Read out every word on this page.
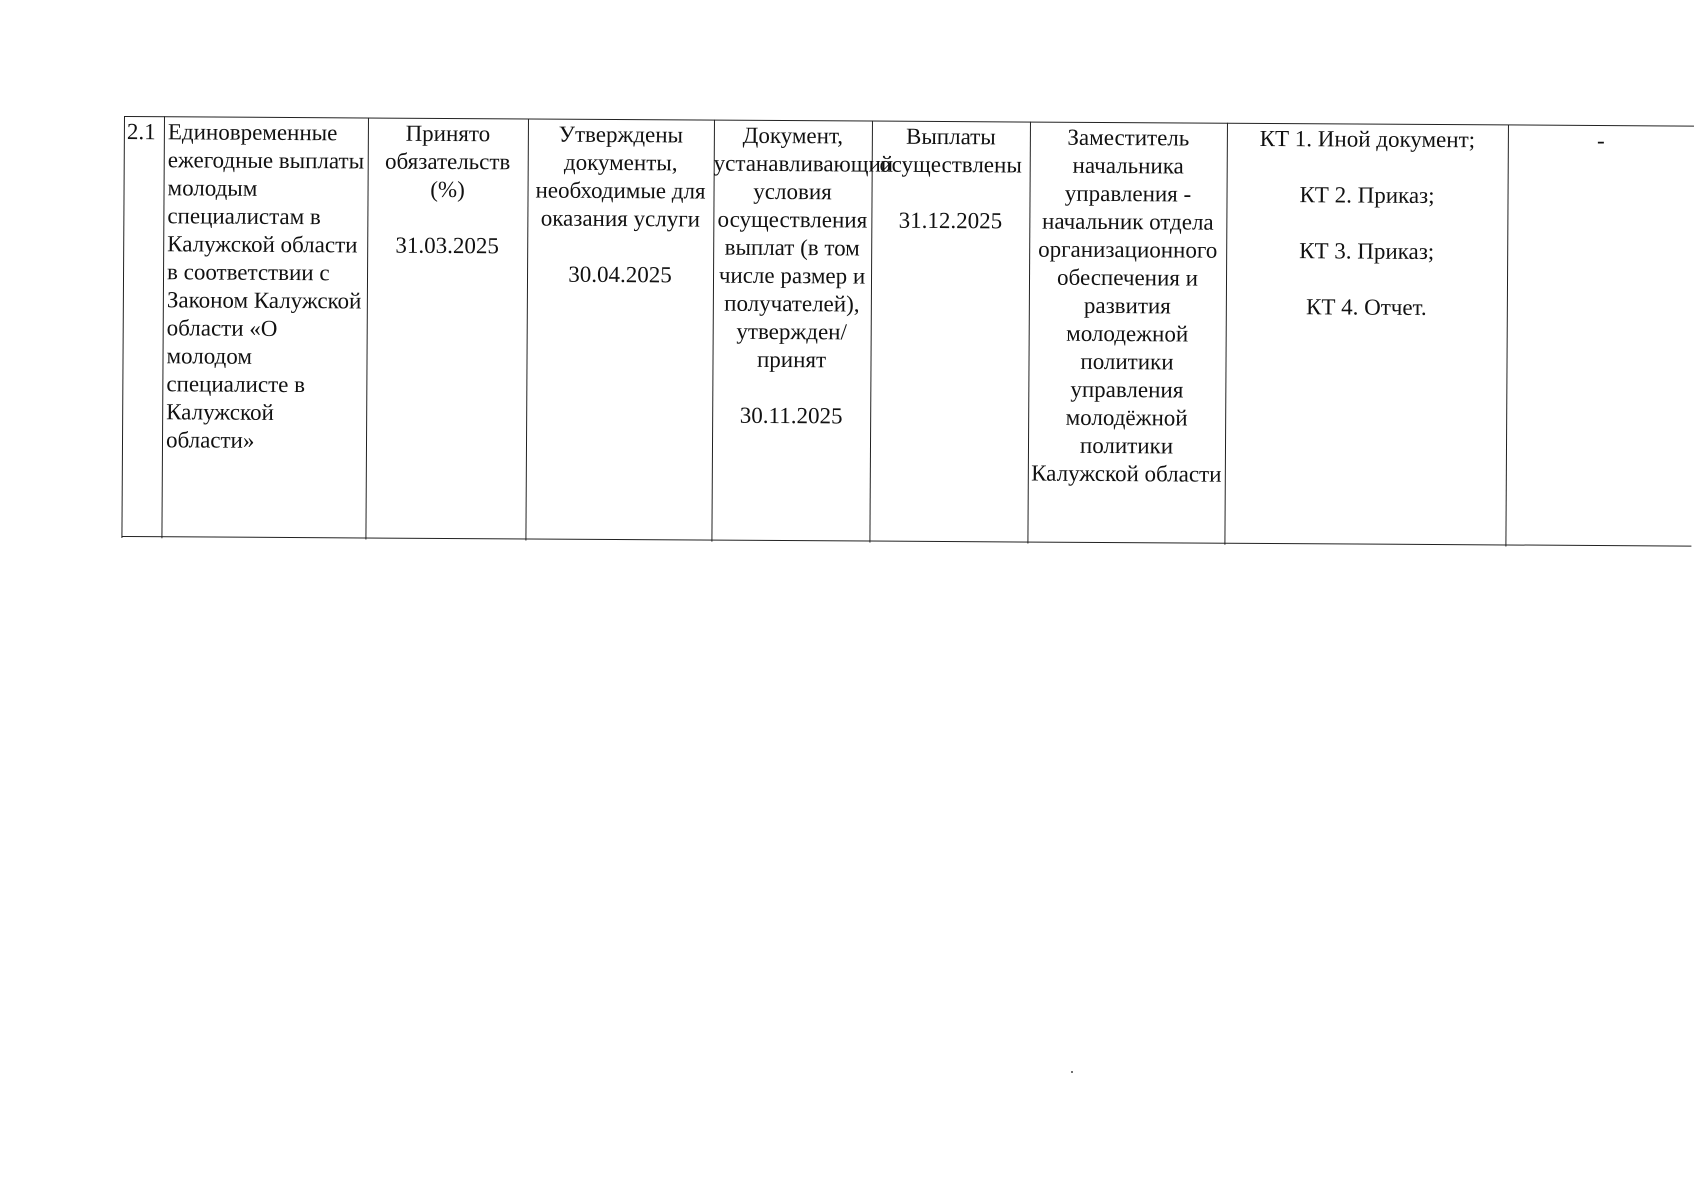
2.1 Единовременные ежегодные выплаты молодым специалистам в Калужской области в соответствии с Законом Калужской области «О молодом специалисте в Калужской области»
Принято обязательств (%)
31.03.2025
Утверждены документы, необходимые для оказания услуги
30.04.2025
Документ, устанавливающий условия осуществления выплат (в том числе размер и получателей), утвержден/принят
30.11.2025
Выплаты осуществлены
31.12.2025
Заместитель начальника управления - начальник отдела организационного обеспечения и развития молодежной политики управления молодёжной политики Калужской области
КТ 1. Иной документ;
КТ 2. Приказ;
КТ 3. Приказ;
КТ 4. Отчет.
-
